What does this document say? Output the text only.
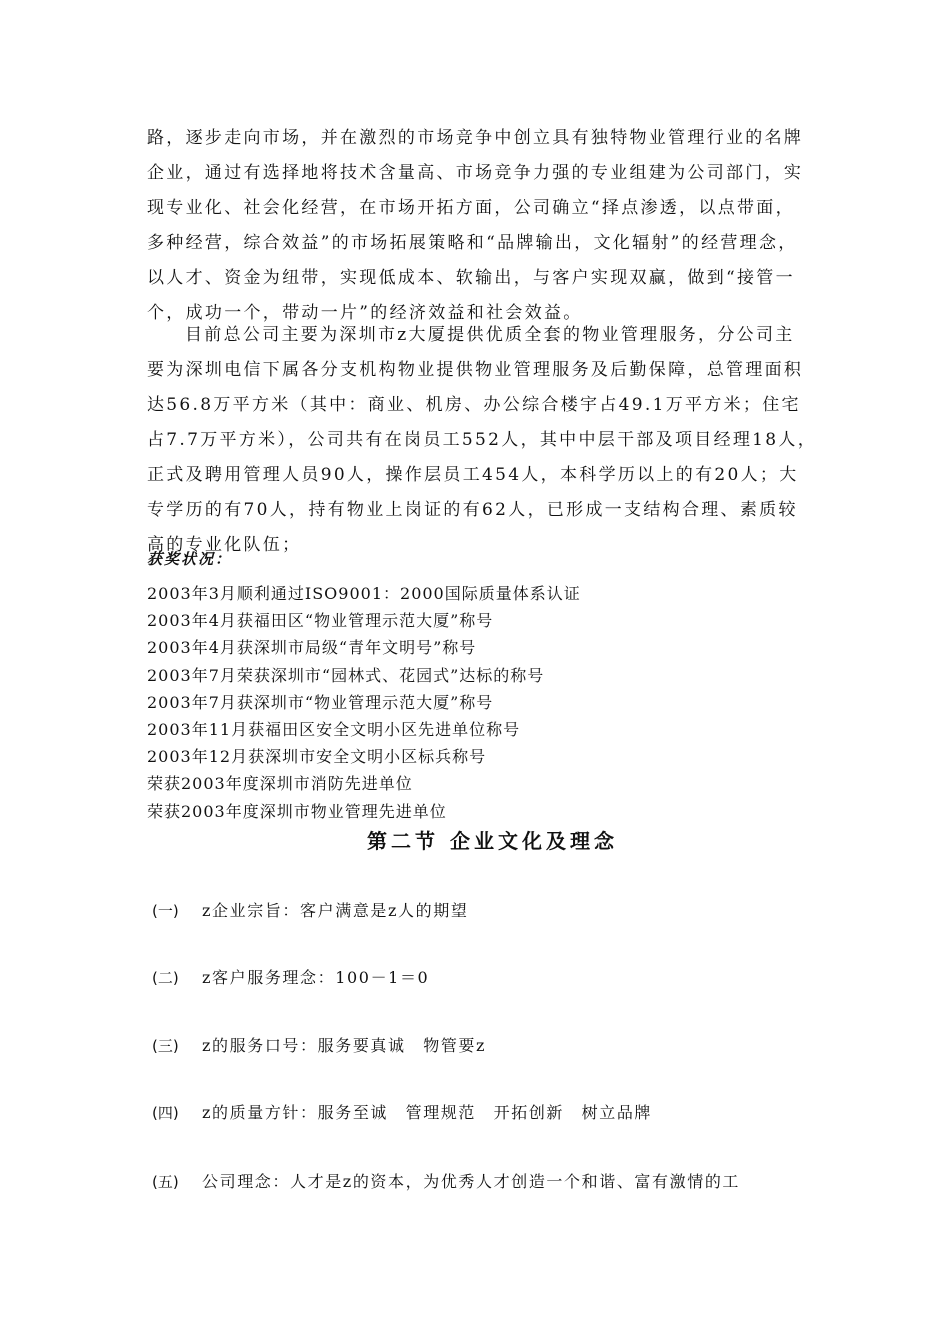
路，逐步走向市场，并在激烈的市场竞争中创立具有独特物业管理行业的名牌
企业，通过有选择地将技术含量高、市场竞争力强的专业组建为公司部门，实
现专业化、社会化经营，在市场开拓方面，公司确立“择点渗透，以点带面，
多种经营，综合效益”的市场拓展策略和“品牌输出，文化辐射”的经营理念，
以人才、资金为纽带，实现低成本、软输出，与客户实现双赢，做到“接管一
个，成功一个，带动一片”的经济效益和社会效益。
目前总公司主要为深圳市z大厦提供优质全套的物业管理服务，分公司主
要为深圳电信下属各分支机构物业提供物业管理服务及后勤保障，总管理面积
达56.8万平方米（其中：商业、机房、办公综合楼宇占49.1万平方米；住宅
占7.7万平方米），公司共有在岗员工552人，其中中层干部及项目经理18人，
正式及聘用管理人员90人，操作层员工454人，本科学历以上的有20人；大
专学历的有70人，持有物业上岗证的有62人，已形成一支结构合理、素质较
高的专业化队伍；
获奖状况：
2003年3月顺利通过ISO9001：2000国际质量体系认证
2003年4月获福田区“物业管理示范大厦”称号
2003年4月获深圳市局级“青年文明号”称号
2003年7月荣获深圳市“园林式、花园式”达标的称号
2003年7月获深圳市“物业管理示范大厦”称号
2003年11月获福田区安全文明小区先进单位称号
2003年12月获深圳市安全文明小区标兵称号
荣获2003年度深圳市消防先进单位
荣获2003年度深圳市物业管理先进单位
第二节 企业文化及理念
(一) z企业宗旨：客户满意是z人的期望
(二) z客户服务理念：100－1＝0
(三) z的服务口号：服务要真诚　物管要z
(四) z的质量方针：服务至诚　管理规范　开拓创新　树立品牌
(五) 公司理念：人才是z的资本，为优秀人才创造一个和谐、富有激情的工
